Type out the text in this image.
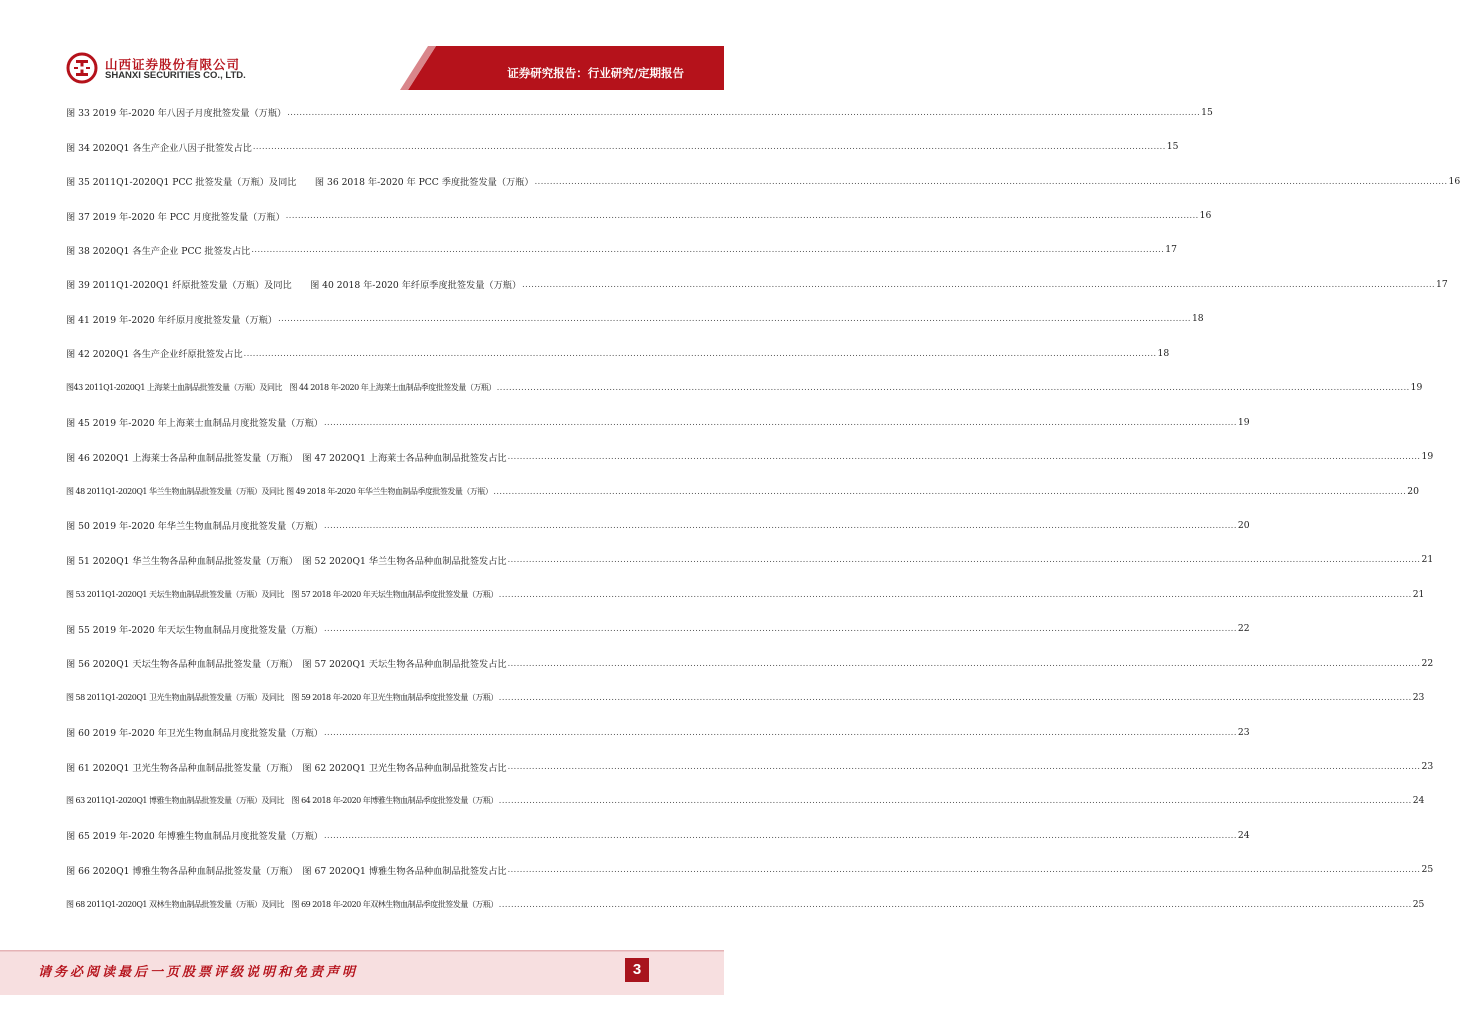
山西证券股份有限公司
SHANXI SECURITIES CO., LTD.	证券研究报告：行业研究/定期报告
图 33 2019 年-2020 年八因子月度批签发量（万瓶） ............................................................................................................................................................................................................................................................................................................ 15
图 34 2020Q1 各生产企业八因子批签发占比 ............................................................................................................................................................................................................................................................................................................ 15
图 35 2011Q1-2020Q1 PCC 批签发量（万瓶）及同比　　图 36 2018 年-2020 年 PCC 季度批签发量（万瓶） ............................................................................................................................................................................................................................................................................................................ 16
图 37 2019 年-2020 年 PCC 月度批签发量（万瓶） ............................................................................................................................................................................................................................................................................................................ 16
图 38 2020Q1 各生产企业 PCC 批签发占比 ............................................................................................................................................................................................................................................................................................................ 17
图 39 2011Q1-2020Q1 纤原批签发量（万瓶）及同比　　图 40 2018 年-2020 年纤原季度批签发量（万瓶） ............................................................................................................................................................................................................................................................................................................ 17
图 41 2019 年-2020 年纤原月度批签发量（万瓶） ............................................................................................................................................................................................................................................................................................................ 18
图 42 2020Q1 各生产企业纤原批签发占比 ............................................................................................................................................................................................................................................................................................................ 18
图43 2011Q1-2020Q1 上海莱士血制品批签发量（万瓶）及同比　图 44 2018 年-2020 年上海莱士血制品季度批签发量（万瓶） ............................................................................................................................................................................................................................................................................................................ 19
图 45 2019 年-2020 年上海莱士血制品月度批签发量（万瓶） ............................................................................................................................................................................................................................................................................................................ 19
图 46 2020Q1 上海莱士各品种血制品批签发量（万瓶）　图 47 2020Q1 上海莱士各品种血制品批签发占比 ............................................................................................................................................................................................................................................................................................................ 19
图 48 2011Q1-2020Q1 华兰生物血制品批签发量（万瓶）及同比 图 49 2018 年-2020 年华兰生物血制品季度批签发量（万瓶） ............................................................................................................................................................................................................................................................................................................ 20
图 50 2019 年-2020 年华兰生物血制品月度批签发量（万瓶） ............................................................................................................................................................................................................................................................................................................ 20
图 51 2020Q1 华兰生物各品种血制品批签发量（万瓶）　图 52 2020Q1 华兰生物各品种血制品批签发占比 ............................................................................................................................................................................................................................................................................................................ 21
图 53 2011Q1-2020Q1 天坛生物血制品批签发量（万瓶）及同比　图 57 2018 年-2020 年天坛生物血制品季度批签发量（万瓶） ............................................................................................................................................................................................................................................................................................................ 21
图 55 2019 年-2020 年天坛生物血制品月度批签发量（万瓶） ............................................................................................................................................................................................................................................................................................................ 22
图 56 2020Q1 天坛生物各品种血制品批签发量（万瓶）　图 57 2020Q1 天坛生物各品种血制品批签发占比 ............................................................................................................................................................................................................................................................................................................ 22
图 58 2011Q1-2020Q1 卫光生物血制品批签发量（万瓶）及同比　图 59 2018 年-2020 年卫光生物血制品季度批签发量（万瓶） ............................................................................................................................................................................................................................................................................................................ 23
图 60 2019 年-2020 年卫光生物血制品月度批签发量（万瓶） ............................................................................................................................................................................................................................................................................................................ 23
图 61 2020Q1 卫光生物各品种血制品批签发量（万瓶）　图 62 2020Q1 卫光生物各品种血制品批签发占比 ............................................................................................................................................................................................................................................................................................................ 23
图 63 2011Q1-2020Q1 博雅生物血制品批签发量（万瓶）及同比　图 64 2018 年-2020 年博雅生物血制品季度批签发量（万瓶） ............................................................................................................................................................................................................................................................................................................ 24
图 65 2019 年-2020 年博雅生物血制品月度批签发量（万瓶） ............................................................................................................................................................................................................................................................................................................ 24
图 66 2020Q1 博雅生物各品种血制品批签发量（万瓶）　图 67 2020Q1 博雅生物各品种血制品批签发占比 ............................................................................................................................................................................................................................................................................................................ 25
图 68 2011Q1-2020Q1 双林生物血制品批签发量（万瓶）及同比　图 69 2018 年-2020 年双林生物血制品季度批签发量（万瓶） ............................................................................................................................................................................................................................................................................................................ 25
请务必阅读最后一页股票评级说明和免责声明	3
